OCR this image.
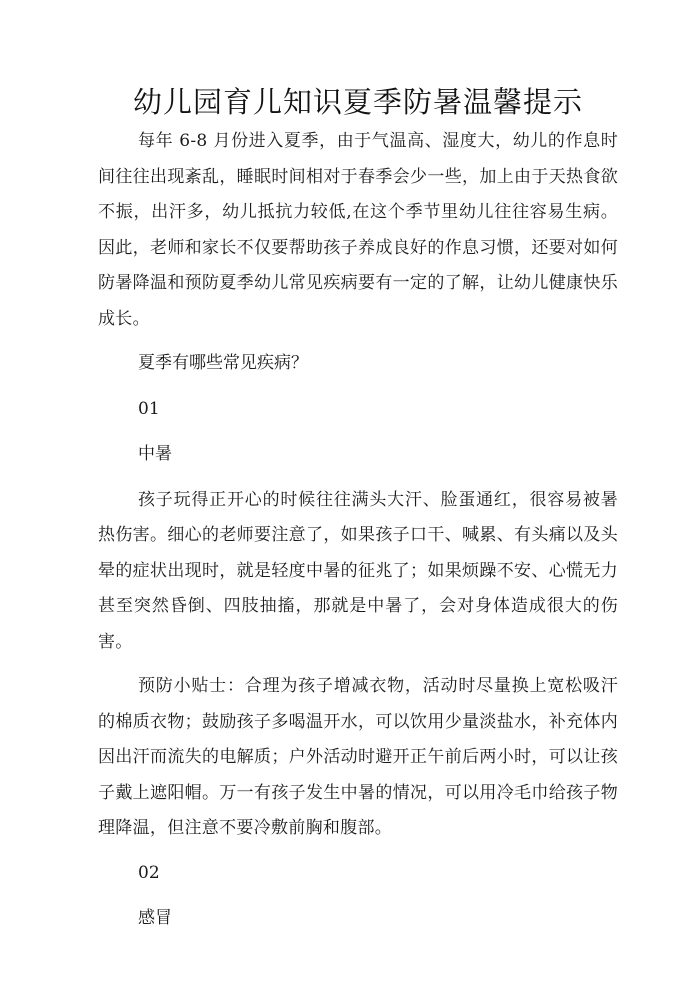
幼儿园育儿知识夏季防暑温馨提示

每年 6-8 月份进入夏季，由于气温高、湿度大，幼儿的作息时间往往出现紊乱，睡眠时间相对于春季会少一些，加上由于天热食欲不振，出汗多，幼儿抵抗力较低,在这个季节里幼儿往往容易生病。因此，老师和家长不仅要帮助孩子养成良好的作息习惯，还要对如何防暑降温和预防夏季幼儿常见疾病要有一定的了解，让幼儿健康快乐成长。

夏季有哪些常见疾病？

01

中暑

孩子玩得正开心的时候往往满头大汗、脸蛋通红，很容易被暑热伤害。细心的老师要注意了，如果孩子口干、喊累、有头痛以及头晕的症状出现时，就是轻度中暑的征兆了；如果烦躁不安、心慌无力甚至突然昏倒、四肢抽搐，那就是中暑了，会对身体造成很大的伤害。

预防小贴士：合理为孩子增减衣物，活动时尽量换上宽松吸汗的棉质衣物；鼓励孩子多喝温开水，可以饮用少量淡盐水，补充体内因出汗而流失的电解质；户外活动时避开正午前后两小时，可以让孩子戴上遮阳帽。万一有孩子发生中暑的情况，可以用冷毛巾给孩子物理降温，但注意不要冷敷前胸和腹部。

02

感冒
